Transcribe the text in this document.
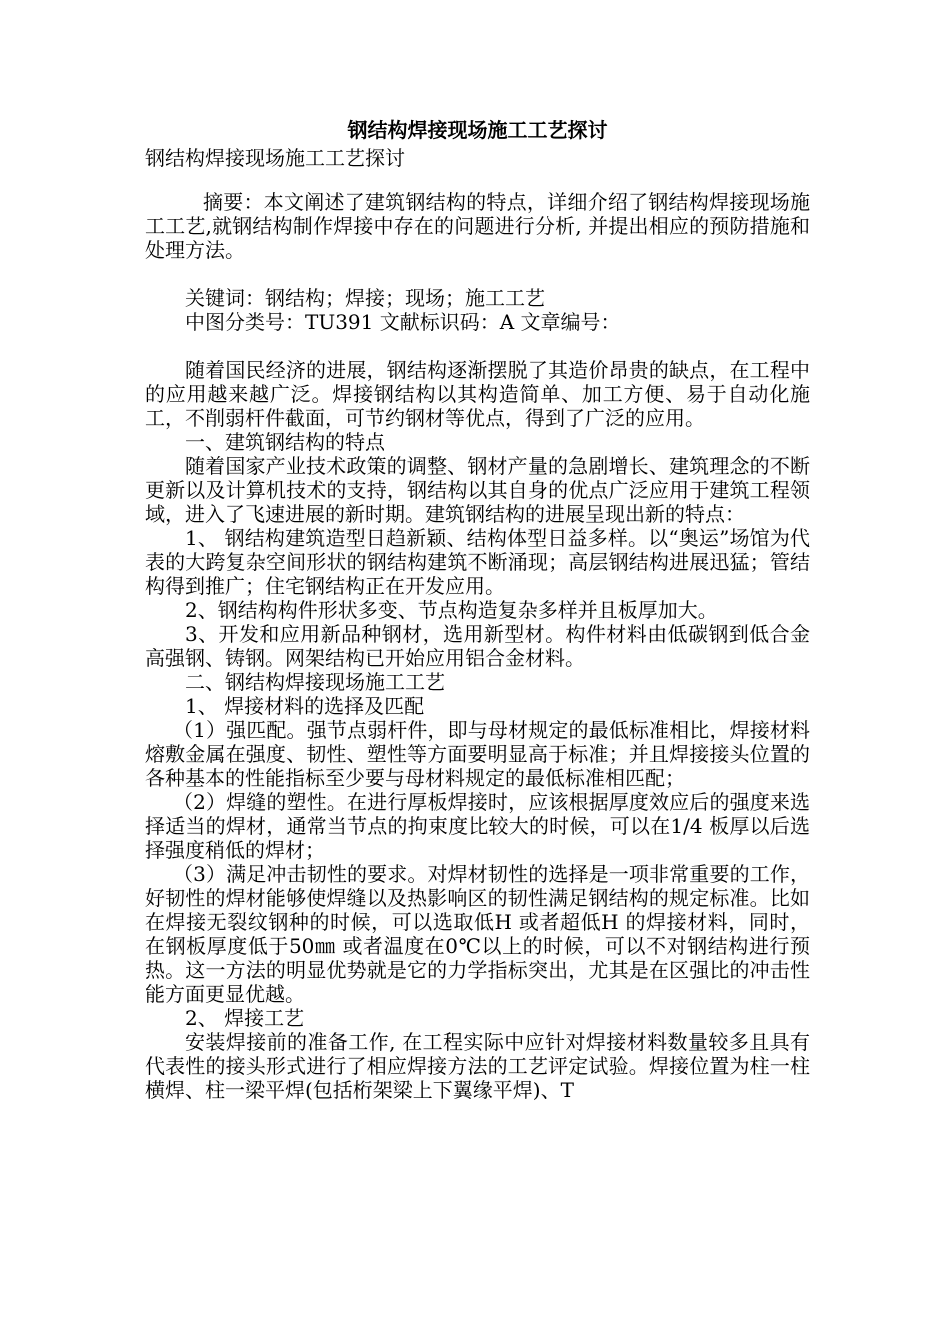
钢结构焊接现场施工工艺探讨

钢结构焊接现场施工工艺探讨

摘要：本文阐述了建筑钢结构的特点，详细介绍了钢结构焊接现场施工工艺,就钢结构制作焊接中存在的问题进行分析, 并提出相应的预防措施和处理方法。

关键词：钢结构；焊接；现场；施工工艺

中图分类号：TU391 文献标识码：A 文章编号：

随着国民经济的进展，钢结构逐渐摆脱了其造价昂贵的缺点，在工程中的应用越来越广泛。焊接钢结构以其构造简单、加工方便、易于自动化施工，不削弱杆件截面，可节约钢材等优点，得到了广泛的应用。

一、建筑钢结构的特点

随着国家产业技术政策的调整、钢材产量的急剧增长、建筑理念的不断更新以及计算机技术的支持，钢结构以其自身的优点广泛应用于建筑工程领域，进入了飞速进展的新时期。建筑钢结构的进展呈现出新的特点：

1、 钢结构建筑造型日趋新颖、结构体型日益多样。以“奥运”场馆为代表的大跨复杂空间形状的钢结构建筑不断涌现；高层钢结构进展迅猛；管结构得到推广；住宅钢结构正在开发应用。

2、钢结构构件形状多变、节点构造复杂多样并且板厚加大。

3、开发和应用新品种钢材，选用新型材。构件材料由低碳钢到低合金高强钢、铸钢。网架结构已开始应用铝合金材料。

二、钢结构焊接现场施工工艺

1、 焊接材料的选择及匹配

（1）强匹配。强节点弱杆件，即与母材规定的最低标准相比，焊接材料熔敷金属在强度、韧性、塑性等方面要明显高于标准；并且焊接接头位置的各种基本的性能指标至少要与母材料规定的最低标准相匹配；

（2）焊缝的塑性。在进行厚板焊接时，应该根据厚度效应后的强度来选择适当的焊材，通常当节点的拘束度比较大的时候，可以在1/4 板厚以后选择强度稍低的焊材；

（3）满足冲击韧性的要求。对焊材韧性的选择是一项非常重要的工作，好韧性的焊材能够使焊缝以及热影响区的韧性满足钢结构的规定标准。比如在焊接无裂纹钢种的时候，可以选取低H 或者超低H 的焊接材料，同时，在钢板厚度低于50㎜ 或者温度在0℃以上的时候，可以不对钢结构进行预热。这一方法的明显优势就是它的力学指标突出，尤其是在区强比的冲击性能方面更显优越。

2、 焊接工艺

安装焊接前的准备工作, 在工程实际中应针对焊接材料数量较多且具有代表性的接头形式进行了相应焊接方法的工艺评定试验。焊接位置为柱一柱横焊、柱一梁平焊(包括桁架梁上下翼缘平焊)、T
